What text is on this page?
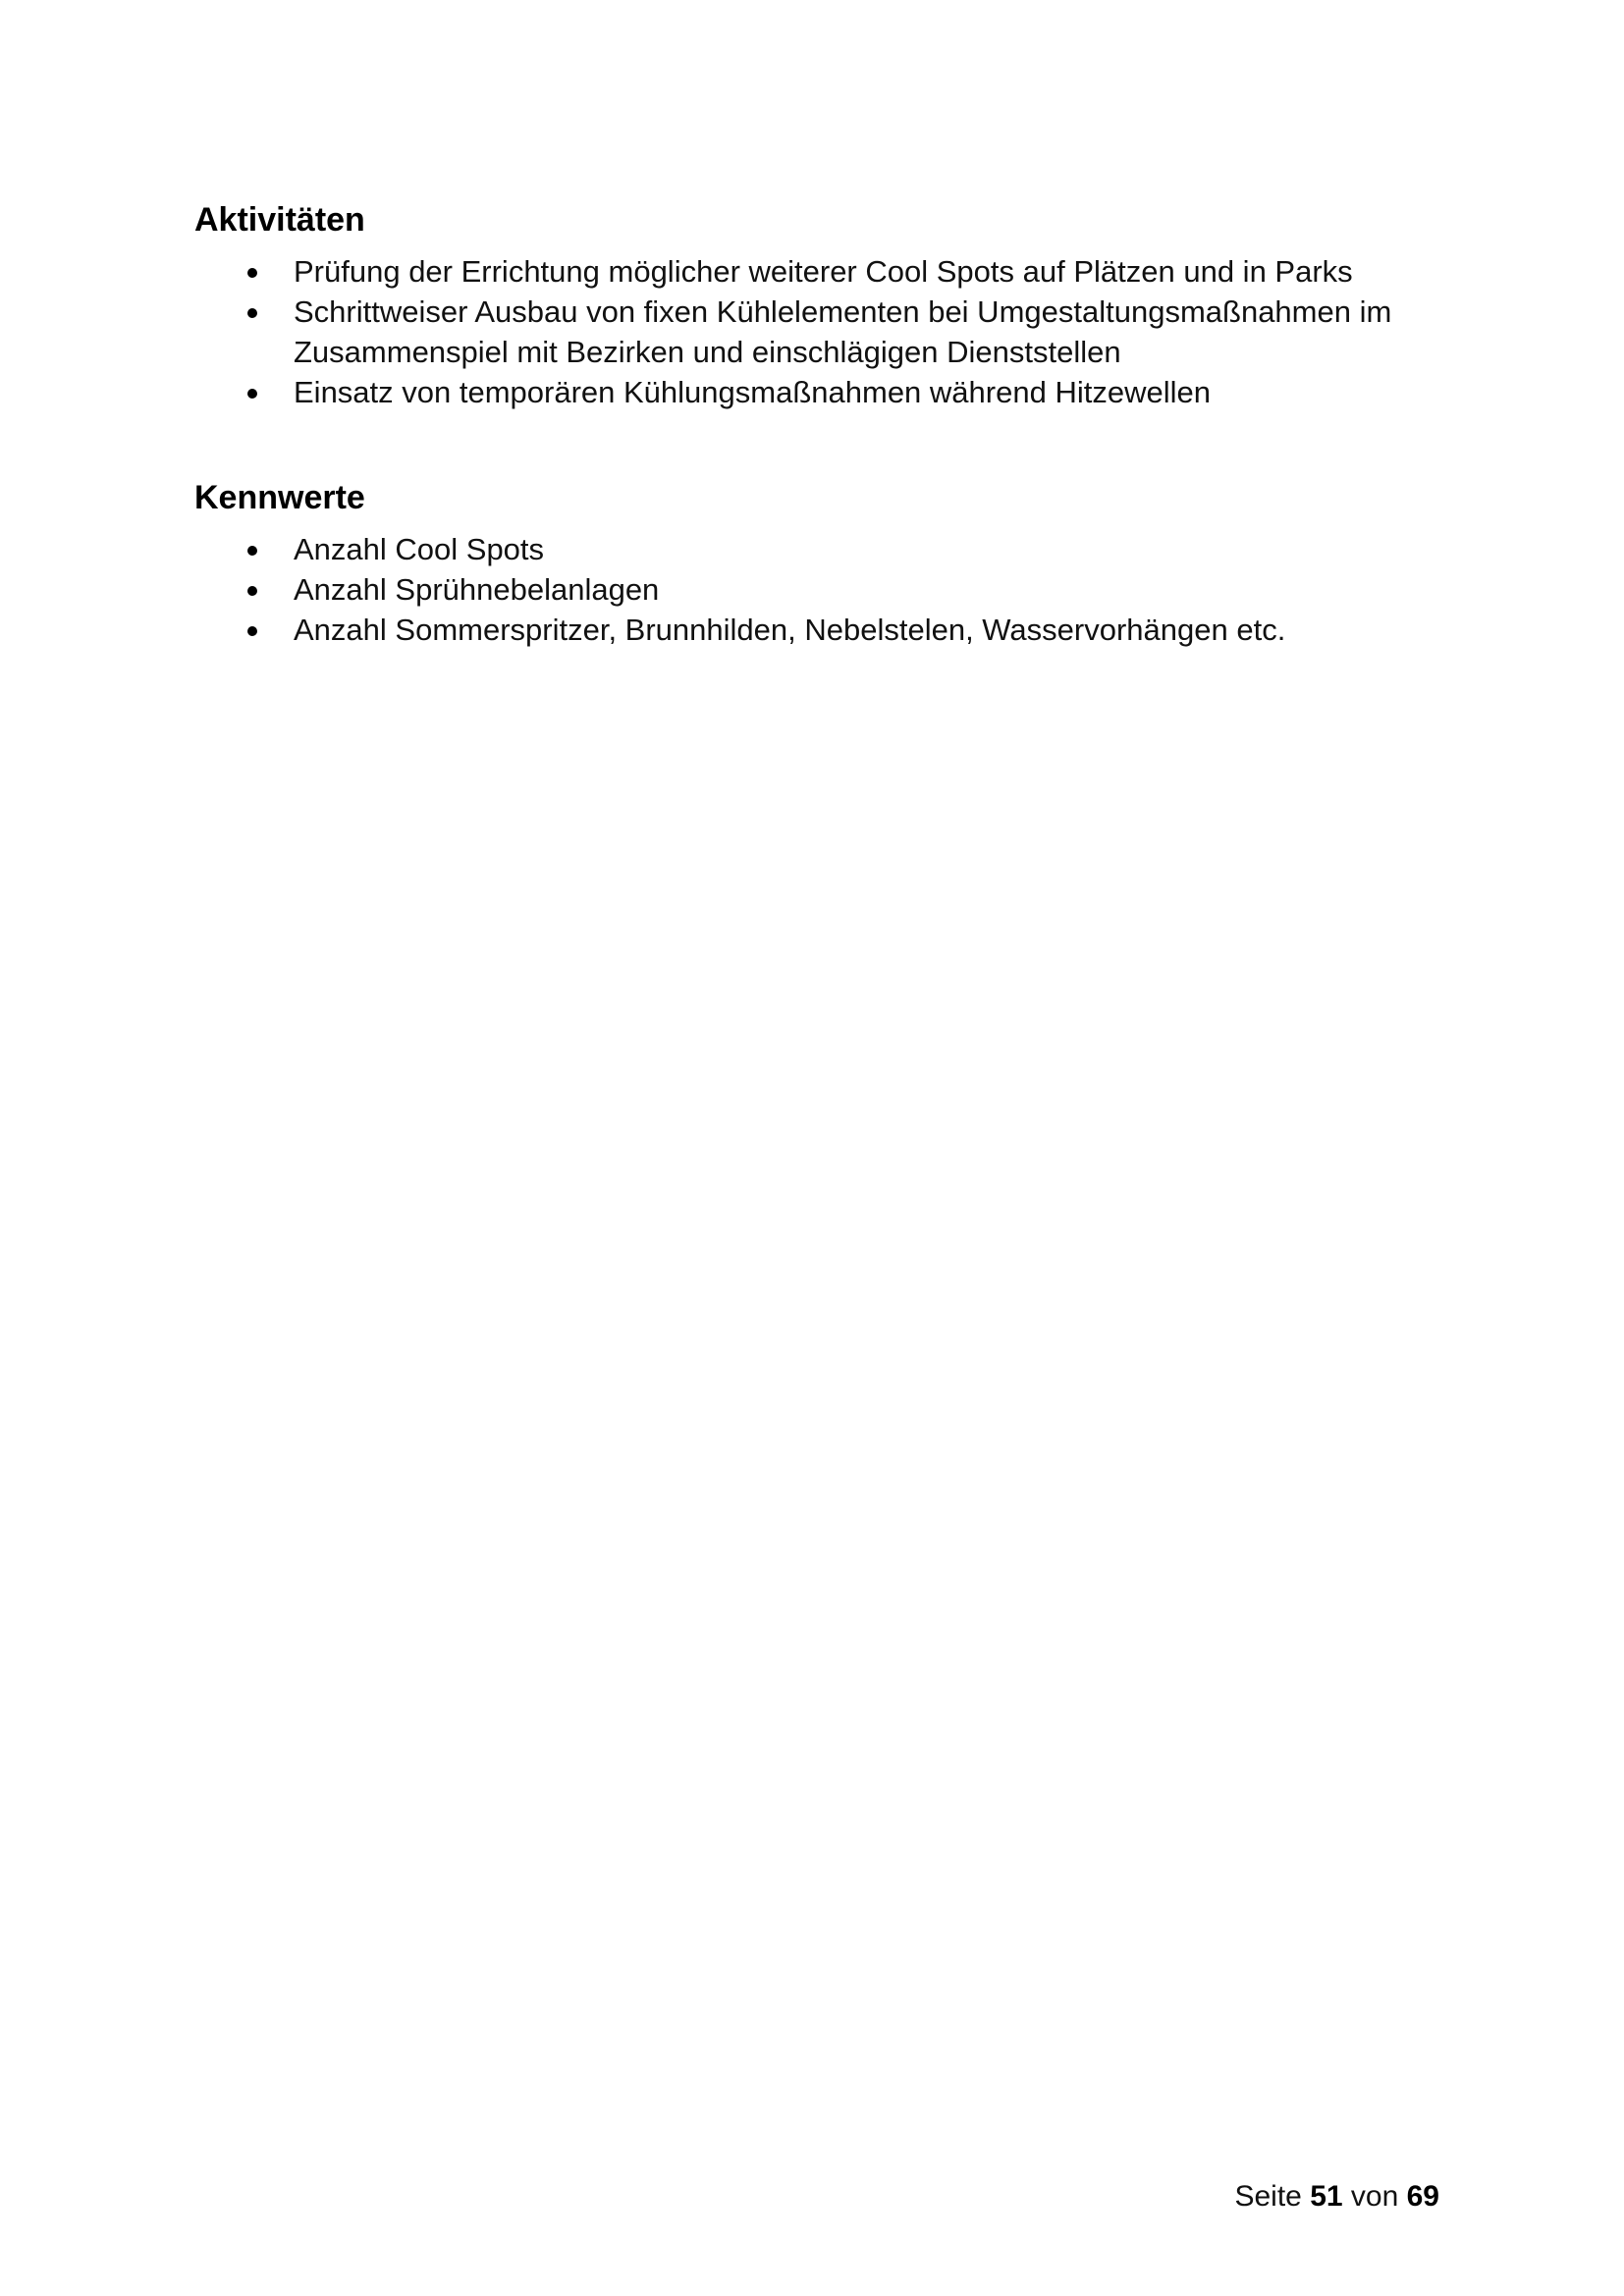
Aktivitäten
Prüfung der Errichtung möglicher weiterer Cool Spots auf Plätzen und in Parks
Schrittweiser Ausbau von fixen Kühlelementen bei Umgestaltungsmaßnahmen im Zusammenspiel mit Bezirken und einschlägigen Dienststellen
Einsatz von temporären Kühlungsmaßnahmen während Hitzewellen
Kennwerte
Anzahl Cool Spots
Anzahl Sprühnebelanlagen
Anzahl Sommerspritzer, Brunnhilden, Nebelstelen, Wasservorhängen etc.
Seite 51 von 69
